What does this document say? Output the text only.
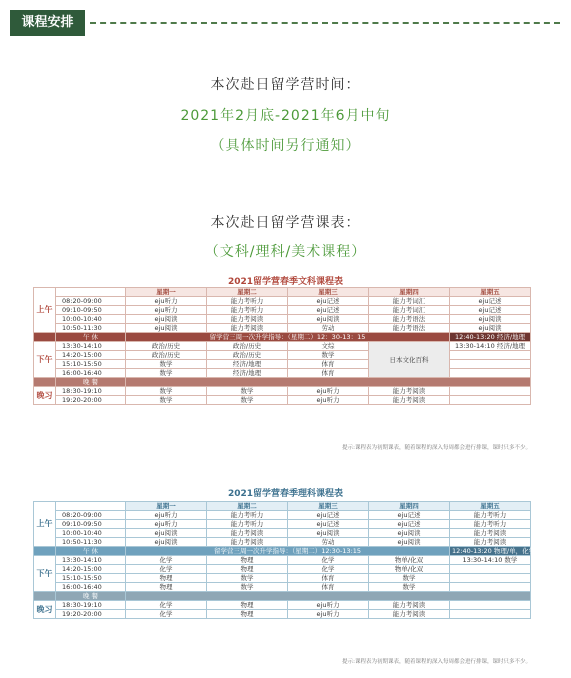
课程安排
本次赴日留学营时间：
2021年2月底-2021年6月中旬
（具体时间另行通知）
本次赴日留学营课表：
（文科/理科/美术课程）
2021留学营春季文科课程表
上午		星期一	星期二	星期三	星期四	星期五
	08:20-09:00	eju听力	能力考听力	eju记述	能力考词汇	eju记述
	09:10-09:50	eju听力	能力考听力	eju记述	能力考词汇	eju记述
	10:00-10:40	eju阅读	能力考阅读	eju阅读	能力考语法	eju阅读
	10:50-11:30	eju阅读	能力考阅读	劳动	能力考语法	eju阅读
	午 休	留学营三周一次升学指导：（星期二）12：30-13：15				12:40-13:20 经济/地理
下午	13:30-14:10	政治/历史	政治/历史	文综	日本文化百科	13:30-14:10 经济/地理
	14:20-15:00	政治/历史	政治/历史	数学		
	15:10-15:50	数学	经济/地理	体育		
	16:00-16:40	数学	经济/地理	体育		
	晚 餐					
晚习	18:30-19:10	数学	数学	eju听力	能力考阅读	
	19:20-20:00	数学	数学	eju听力	能力考阅读	
提示:课程表为初期课表，随着课程的深入每周都会进行排课，课时只多不少。
2021留学营春季理科课程表
上午		星期一	星期二	星期三	星期四	星期五
	08:20-09:00	eju听力	能力考听力	eju记述	eju记述	能力考听力
	09:10-09:50	eju听力	能力考听力	eju记述	eju记述	能力考听力
	10:00-10:40	eju阅读	能力考阅读	eju阅读	eju阅读	能力考阅读
	10:50-11:30	eju阅读	能力考阅读	劳动	eju阅读	能力考阅读
	午 休	留学营三周一次升学指导：（星期二）12:30-13:15				12:40-13:20 物理/单，化学/双
下午	13:30-14:10	化学	物理	化学	物单/化双	13:30-14:10 数学
	14:20-15:00	化学	物理	化学	物单/化双	
	15:10-15:50	物理	数学	体育	数学	
	16:00-16:40	物理	数学	体育	数学	
	晚 餐					
晚习	18:30-19:10	化学	物理	eju听力	能力考阅读	
	19:20-20:00	化学	物理	eju听力	能力考阅读	
提示:课程表为初期课表，随着课程的深入每周都会进行排课，课时只多不少。
